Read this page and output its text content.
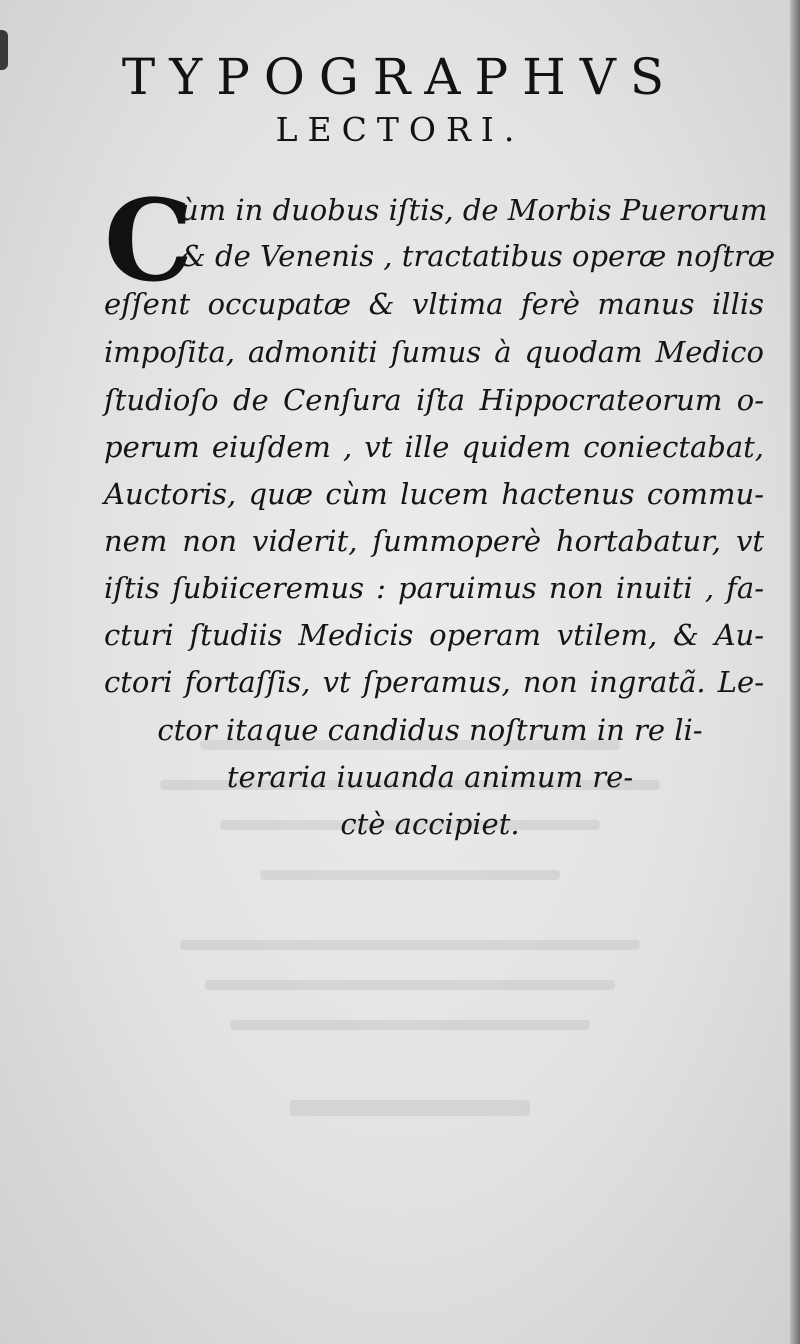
TYPOGRAPHVS
LECTORI.
C
ùm in duobus iſtis, de Morbis Puerorum
& de Venenis , tractatibus operæ noſtræ
eſſent occupatæ & vltima ferè manus illis
impoſita, admoniti ſumus à quodam Medico
ſtudioſo de Cenſura iſta Hippocrateorum o-
perum eiuſdem , vt ille quidem coniectabat,
Auctoris, quæ cùm lucem hactenus commu-
nem non viderit, ſummoperè hortabatur, vt
iſtis ſubiiceremus : paruimus non inuiti , fa-
cturi ſtudiis Medicis operam vtilem, & Au-
ctori fortaſſis, vt ſperamus, non ingratã. Le-
ctor itaque candidus noſtrum in re li-
teraria iuuanda animum re-
ctè accipiet.
